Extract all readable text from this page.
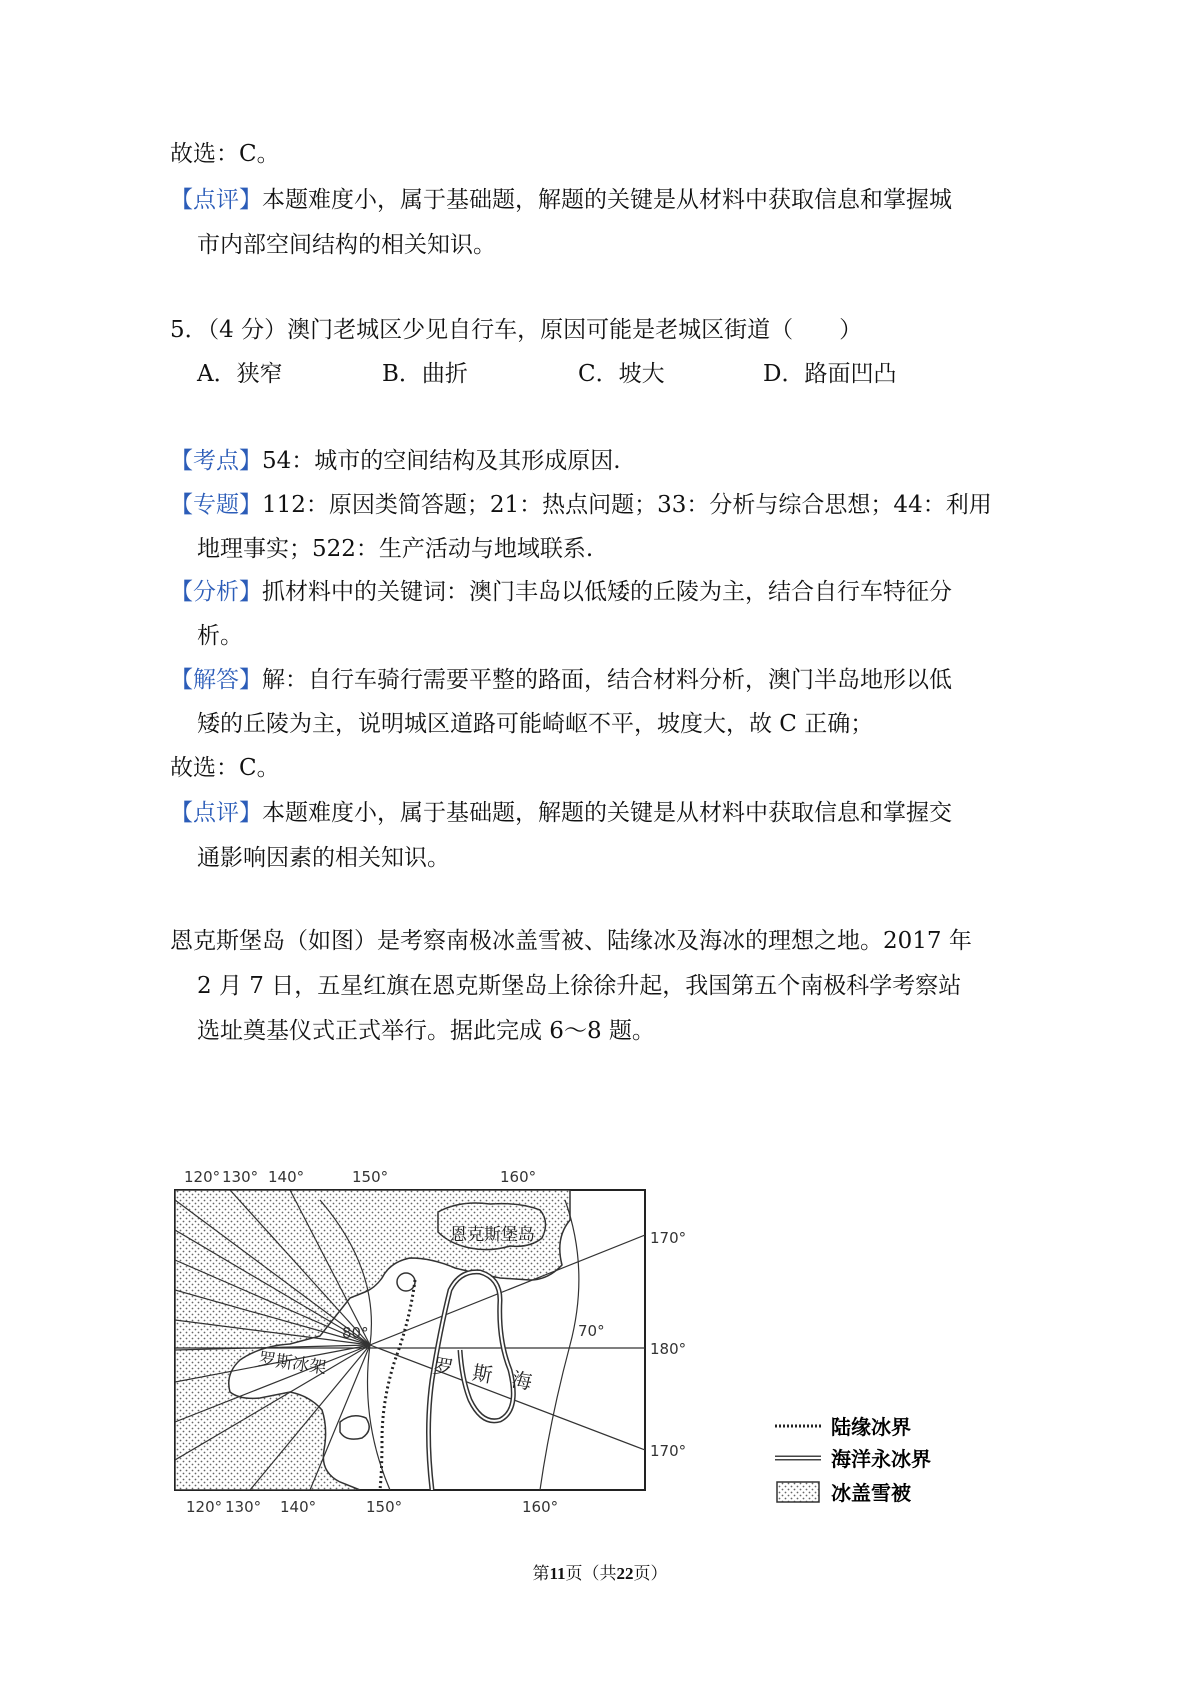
故选：C。
【点评】本题难度小，属于基础题，解题的关键是从材料中获取信息和掌握城
市内部空间结构的相关知识。
5．（4 分）澳门老城区少见自行车，原因可能是老城区街道（　　）
A．狭窄	B．曲折	C．坡大	D．路面凹凸
【考点】54：城市的空间结构及其形成原因.
【专题】112：原因类简答题；21：热点问题；33：分析与综合思想；44：利用
地理事实；522：生产活动与地域联系.
【分析】抓材料中的关键词：澳门丰岛以低矮的丘陵为主，结合自行车特征分
析。
【解答】解：自行车骑行需要平整的路面，结合材料分析，澳门半岛地形以低
矮的丘陵为主，说明城区道路可能崎岖不平，坡度大，故 C 正确；
故选：C。
【点评】本题难度小，属于基础题，解题的关键是从材料中获取信息和掌握交
通影响因素的相关知识。
恩克斯堡岛（如图）是考察南极冰盖雪被、陆缘冰及海冰的理想之地。2017 年
2 月 7 日，五星红旗在恩克斯堡岛上徐徐升起，我国第五个南极科学考察站
选址奠基仪式正式举行。据此完成 6～8 题。
120° 130° 140°	150°	160°
120° 130° 140°	150°	160°
170°
180°
170°
80°	70°
恩克斯堡岛
罗斯冰架	罗　斯　海
陆缘冰界
海洋永冰界
冰盖雪被
第11页（共22页）
